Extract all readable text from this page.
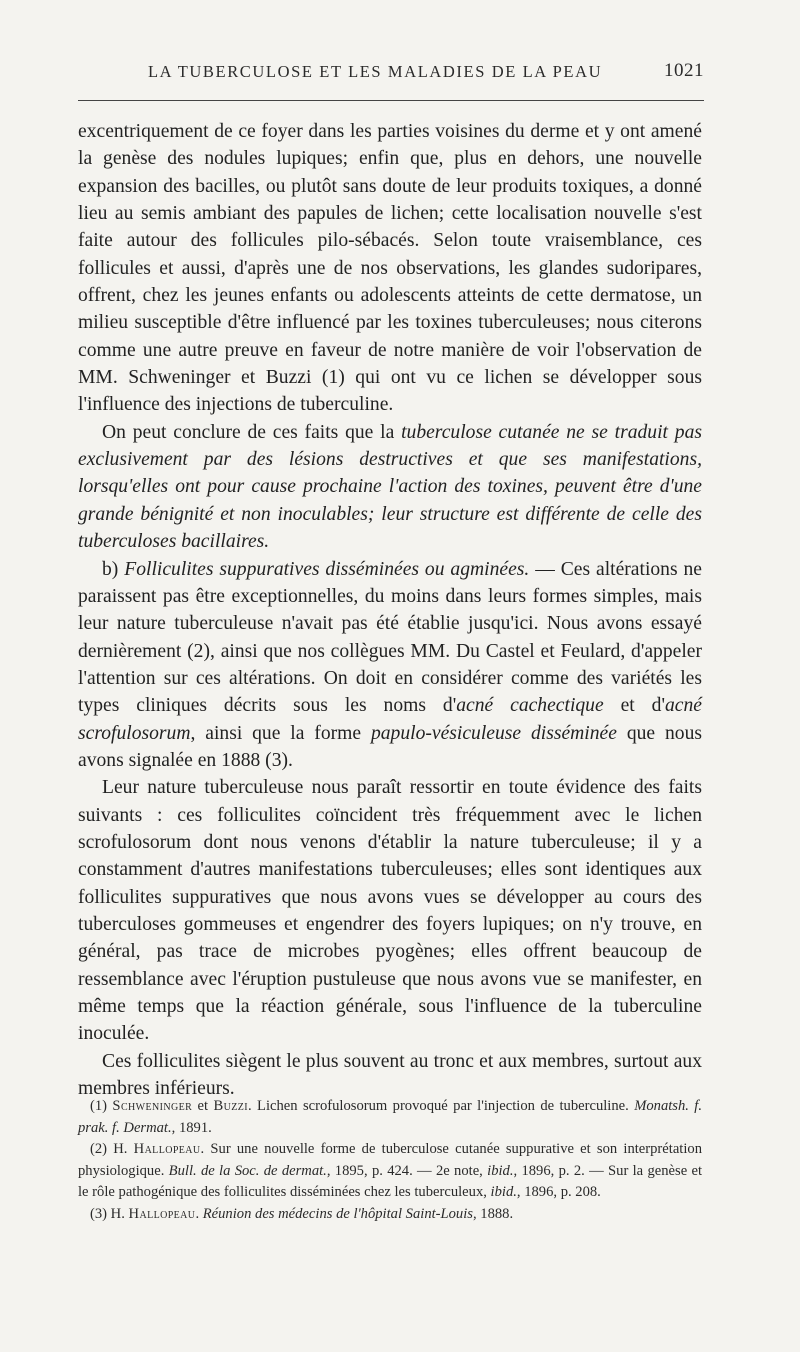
LA TUBERCULOSE ET LES MALADIES DE LA PEAU	1021

excentriquement de ce foyer dans les parties voisines du derme et y ont amené la genèse des nodules lupiques; enfin que, plus en dehors, une nouvelle expansion des bacilles, ou plutôt sans doute de leur produits toxiques, a donné lieu au semis ambiant des papules de lichen; cette localisation nouvelle s'est faite autour des follicules pilo-sébacés. Selon toute vraisemblance, ces follicules et aussi, d'après une de nos observations, les glandes sudoripares, offrent, chez les jeunes enfants ou adolescents atteints de cette dermatose, un milieu susceptible d'être influencé par les toxines tuberculeuses; nous citerons comme une autre preuve en faveur de notre manière de voir l'observation de MM. Schweninger et Buzzi (1) qui ont vu ce lichen se développer sous l'influence des injections de tuberculine.

On peut conclure de ces faits que la tuberculose cutanée ne se traduit pas exclusivement par des lésions destructives et que ses manifestations, lorsqu'elles ont pour cause prochaine l'action des toxines, peuvent être d'une grande bénignité et non inoculables; leur structure est différente de celle des tuberculoses bacillaires.

b) Folliculites suppuratives disséminées ou agminées. — Ces altérations ne paraissent pas être exceptionnelles, du moins dans leurs formes simples, mais leur nature tuberculeuse n'avait pas été établie jusqu'ici. Nous avons essayé dernièrement (2), ainsi que nos collègues MM. Du Castel et Feulard, d'appeler l'attention sur ces altérations. On doit en considérer comme des variétés les types cliniques décrits sous les noms d'acné cachectique et d'acné scrofulosorum, ainsi que la forme papulo-vésiculeuse disséminée que nous avons signalée en 1888 (3).

Leur nature tuberculeuse nous paraît ressortir en toute évidence des faits suivants : ces folliculites coïncident très fréquemment avec le lichen scrofulosorum dont nous venons d'établir la nature tuberculeuse; il y a constamment d'autres manifestations tuberculeuses; elles sont identiques aux folliculites suppuratives que nous avons vues se développer au cours des tuberculoses gommeuses et engendrer des foyers lupiques; on n'y trouve, en général, pas trace de microbes pyogènes; elles offrent beaucoup de ressemblance avec l'éruption pustuleuse que nous avons vue se manifester, en même temps que la réaction générale, sous l'influence de la tuberculine inoculée.

Ces folliculites siègent le plus souvent au tronc et aux membres, surtout aux membres inférieurs.

(1) Schweninger et Buzzi. Lichen scrofulosorum provoqué par l'injection de tuberculine. Monatsh. f. prak. f. Dermat., 1891.

(2) H. Hallopeau. Sur une nouvelle forme de tuberculose cutanée suppurative et son interprétation physiologique. Bull. de la Soc. de dermat., 1895, p. 424. — 2e note, ibid., 1896, p. 2. — Sur la genèse et le rôle pathogénique des folliculites disséminées chez les tuberculeux, ibid., 1896, p. 208.

(3) H. Hallopeau. Réunion des médecins de l'hôpital Saint-Louis, 1888.
